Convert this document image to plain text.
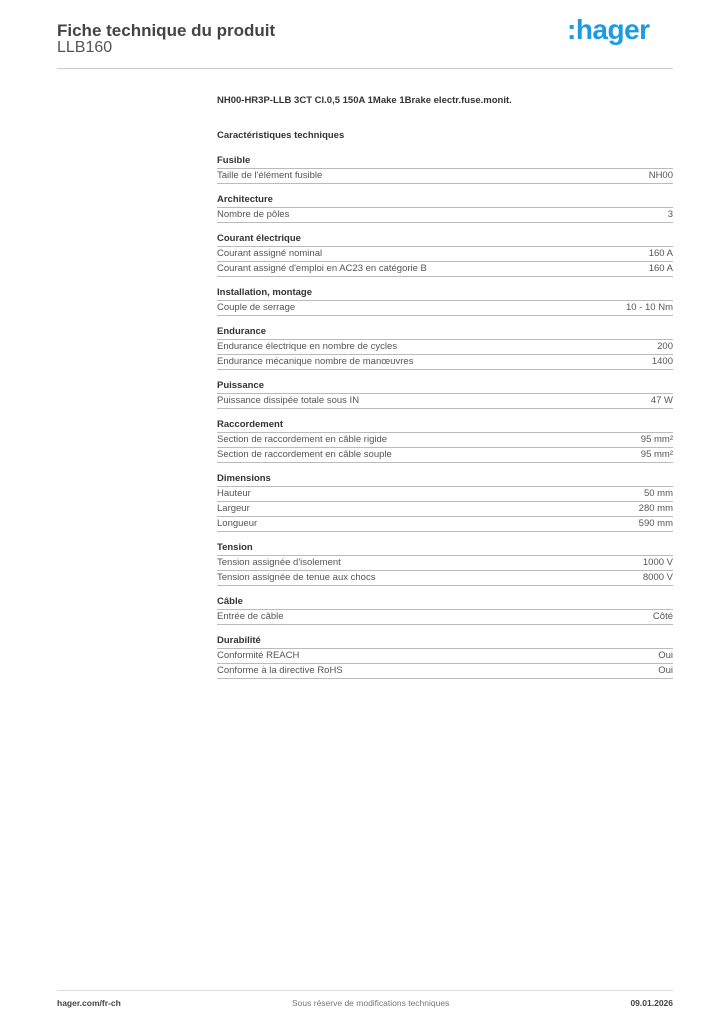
Fiche technique du produit
LLB160
:hager
NH00-HR3P-LLB 3CT Cl.0,5 150A 1Make 1Brake electr.fuse.monit.
Caractéristiques techniques
Fusible
Taille de l'élément fusible	NH00
Architecture
Nombre de pôles	3
Courant électrique
Courant assigné nominal	160 A
Courant assigné d'emploi en AC23 en catégorie B	160 A
Installation, montage
Couple de serrage	10 - 10 Nm
Endurance
Endurance électrique en nombre de cycles	200
Endurance mécanique nombre de manœuvres	1400
Puissance
Puissance dissipée totale sous IN	47 W
Raccordement
Section de raccordement en câble rigide	95 mm²
Section de raccordement en câble souple	95 mm²
Dimensions
Hauteur	50 mm
Largeur	280 mm
Longueur	590 mm
Tension
Tension assignée d'isolement	1000 V
Tension assignée de tenue aux chocs	8000 V
Câble
Entrée de câble	Côté
Durabilité
Conformité REACH	Oui
Conforme à la directive RoHS	Oui
hager.com/fr-ch	Sous réserve de modifications techniques	09.01.2026
